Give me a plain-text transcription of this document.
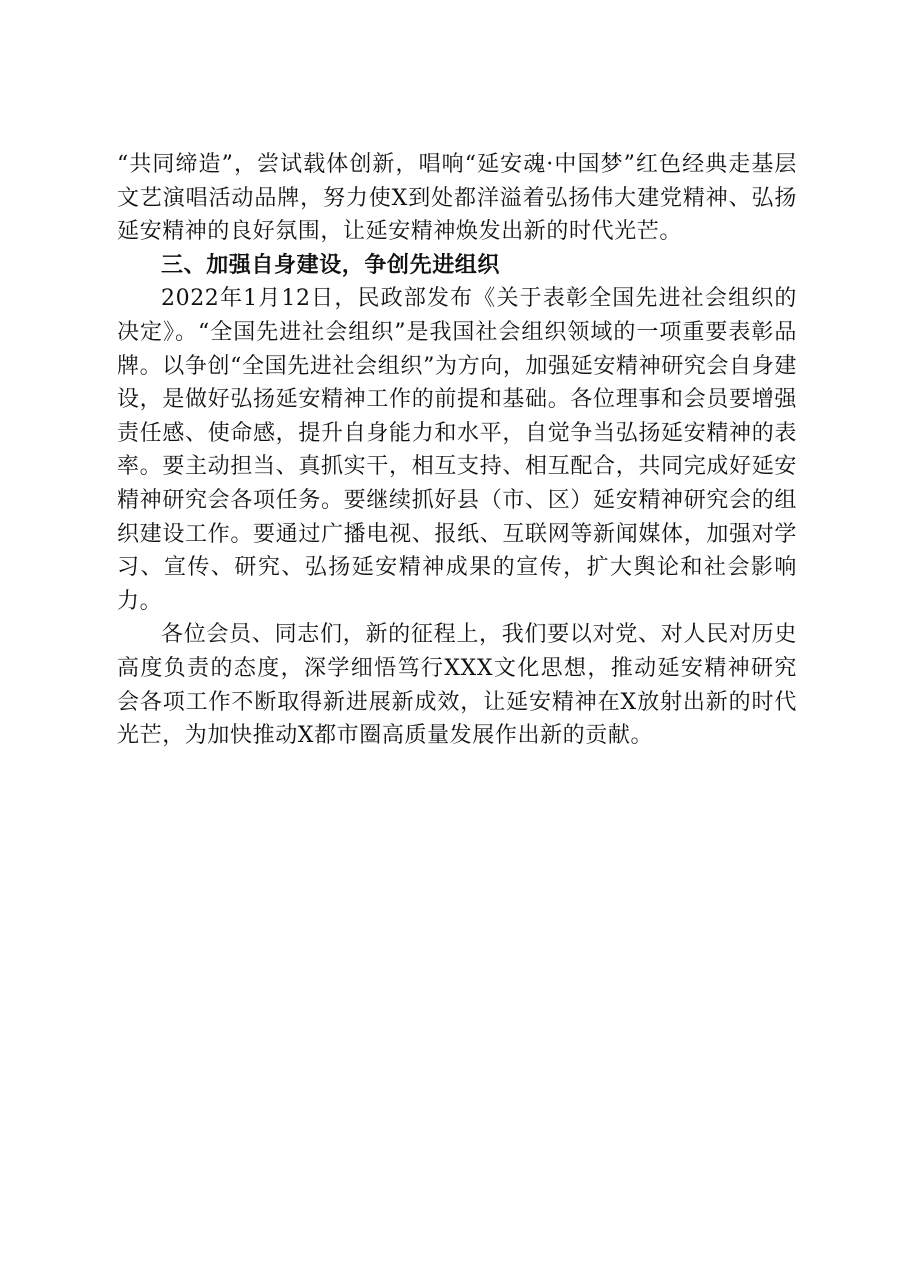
“共同缔造”，尝试载体创新，唱响“延安魂·中国梦”红色经典走基层文艺演唱活动品牌，努力使X到处都洋溢着弘扬伟大建党精神、弘扬延安精神的良好氛围，让延安精神焕发出新的时代光芒。

三、加强自身建设，争创先进组织

2022年1月12日，民政部发布《关于表彰全国先进社会组织的决定》。“全国先进社会组织”是我国社会组织领域的一项重要表彰品牌。以争创“全国先进社会组织”为方向，加强延安精神研究会自身建设，是做好弘扬延安精神工作的前提和基础。各位理事和会员要增强责任感、使命感，提升自身能力和水平，自觉争当弘扬延安精神的表率。要主动担当、真抓实干，相互支持、相互配合，共同完成好延安精神研究会各项任务。要继续抓好县（市、区）延安精神研究会的组织建设工作。要通过广播电视、报纸、互联网等新闻媒体，加强对学习、宣传、研究、弘扬延安精神成果的宣传，扩大舆论和社会影响力。

各位会员、同志们，新的征程上，我们要以对党、对人民对历史高度负责的态度，深学细悟笃行XXX文化思想，推动延安精神研究会各项工作不断取得新进展新成效，让延安精神在X放射出新的时代光芒，为加快推动X都市圈高质量发展作出新的贡献。
